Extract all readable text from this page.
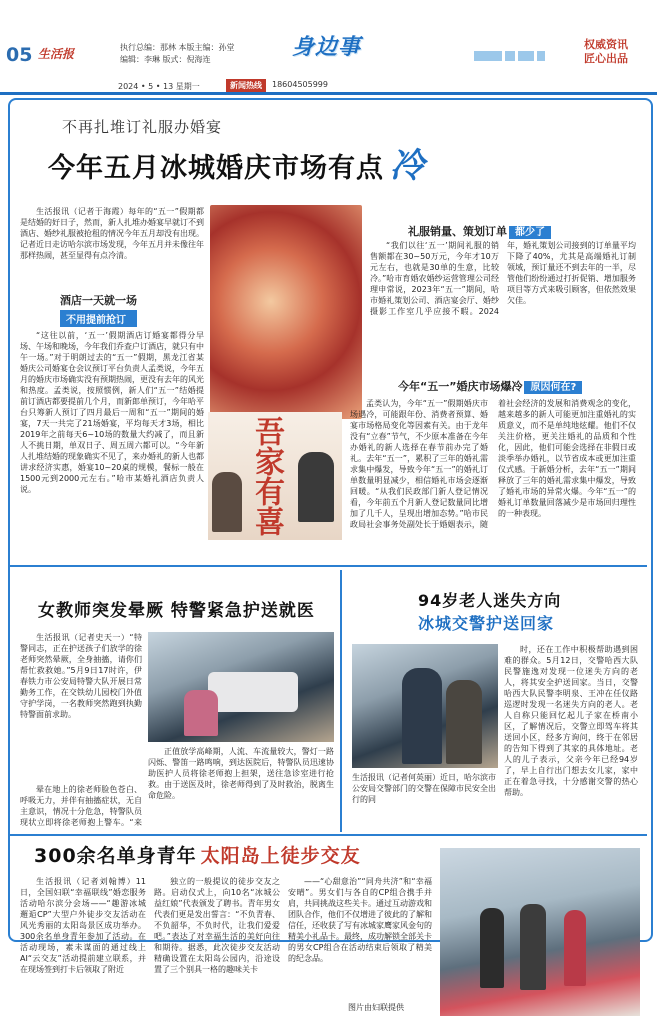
05 生活报	执行总编：那林 本版主编：孙堂
编辑：李琳 版式：倪海连	身边事	权威资讯
匠心出品
2024 • 5 • 13 星期一	新闻热线	18604505999
不再扎堆订礼服办婚宴
今年五月冰城婚庆市场有点 冷
生活报讯（记者于海霞）每年的“五一”假期都是结婚的好日子，然而，新人扎堆办婚宴早就订不到酒店、婚纱礼服被抢租的情况今年五月却没有出现。记者近日走访哈尔滨市场发现，今年五月并未像往年那样热闹，甚至显得有点冷清。
酒店一天就一场
不用提前抢订
“这往以前，‘五一’假期酒店订婚宴都得分早场、午场和晚场，今年我们乔查户订酒店，就只有中午一场。”对于明朗过去的“五一”假期，黑龙江省某婚庆公司婚宴仓会议预订平台负责人孟类说，今年五月的婚庆市场确实没有预期热闹，更没有去年的风光和热度。孟类说，按照惯例，新人们“五一”结婚提前订酒店都要提前几个月，而新郎单预订，今年哈平台只筹新人预订了四月最后一周和“五一”期间的婚宴，7天一共完了21场婚宴，平均每天才3场，相比2019年之前每天6~10场的数量大约减了，而且新人不挑日期，单双日子、周五周六都可以。“今年新人扎堆结婚的现象确实不见了，来办婚礼的新人也都讲求经济实惠，婚宴10~20桌的规模，餐标一般在1500元到2000元左右。”哈市某婚礼酒店负责人说。	吾家有喜
礼服销量、策划订单 都少了
“我们以往‘五一’期间礼服的销售额都在30~50万元，今年才10万元左右，也就是30单的生意，比较冷。”哈市育婚农婚纱运营管理公司经理申常说，2023年“五一”期间，哈市婚礼策划公司、酒店宴会厅、婚纱摄影工作室几乎应接不暇。2024年，婚礼策划公司接到的订单量平均下降了40%，尤其是高端婚礼订制领域，预订量还不到去年的一半，尽管他们纷纷通过打折促销、增加服务项目等方式来吸引顾客，但依然效果欠佳。
今年“五一”婚庆市场爆冷 原因何在?
孟类认为，今年“五一”假期婚庆市场遇冷，可能跟年份、消费者预算、婚宴市场格局变化等因素有关。由于龙年没有“立春”节气，不少原本准备在今年办婚礼的新人选择在春节前办完了婚礼。去年“五一”，累积了三年的婚礼需求集中爆发，导致今年“五一”的婚礼订单数量明显减少，相信婚礼市场会逐渐回暖。“从我们民政部门新人登记情况看，今年前五个月新人登记数量同比增加了几千人，呈现出增加态势。”哈市民政局社会事务处副处长于婚姻表示，随着社会经济的发展和消费观念的变化，越来越多的新人可能更加注重婚礼的实质意义，而不是单纯地炫耀。他们不仅关注价格，更关注婚礼的品质和个性化，因此，他们可能会选择在非假日或淡季举办婚礼，以节省成本或更加注重仪式感。于新婚分析，去年“五一”期间释放了三年的婚礼需求集中爆发，导致了婚礼市场的异常火爆。今年“五一”的婚礼订单数量回落减少是市场回归理性的一种表现。
女教师突发晕厥 特警紧急护送就医
生活报讯（记者史天一）“特警同志，正在护送孩子们放学的徐老师突然晕厥，全身抽搐，请你们帮忙救救她。”5月9日17时许，伊春铁力市公安局特警大队开展日常勤务工作，在交铁幼儿园校门外值守护学岗，一名教师突然跑到执勤特警面前求助。
晕在地上的徐老师脸色苍白、呼吸无力，并伴有抽搐症状，无自主意识，情况十分危急，特警队员现状立即将徐老师抱上警车。“来
正值放学高峰期，人流、车流量较大，警灯一路闪烁、警笛一路鸣响，到达医院后，特警队员迅速协助医护人员将徐老师抱上担架，送往急诊室进行抢救。由于送医及时，徐老师得到了及时救治，脱离生命危险。
94岁老人迷失方向
冰城交警护送回家
时，还在工作中积极帮助遇到困难的群众。5月12日，交警哈西大队民警施逸对发现一位迷失方向的老人，将其安全护送回家。当日，交警哈西大队民警李明泉、王冲在任仪路巡逻时发现一名迷失方向的老人。老人自称只能回忆起儿子家在桥南小区，了解情况后，交警立即驾车将其送回小区，经多方询问，终于在邻居的告知下得到了其家的具体地址。老人的儿子表示，父亲今年已经94岁了，早上自行出门想去女儿家，家中正在着急寻找，十分感谢交警的热心帮助。
生活报讯（记者何英丽）近日，哈尔滨市公安局交警部门的交警在保障市民安全出行的同
300余名单身青年 太阳岛上徒步交友
生活报讯（记者刘翰博）11日，全国妇联“幸福联线”婚恋服务活动哈尔滨分会场——“趣游冰城 邂逅CP”大型户外徒步交友活动在风光秀丽的太阳岛景区成功举办。300余名单身青年参加了活动。在活动现场，素未谋面的通过线上AI“云交友”活动提前建立联系，并在现场签到打卡后领取了附近
独立的一般提议的徒步交友之路。启动仪式上，向10名“冰城公益红娘”代表颁发了聘书。青年男女代表们更是发出誓言：“不负青春、不负韶华，不负时代，让我们爱爱吧。”表达了对幸福生活的美好向往和期待。据悉，此次徒步交友活动精确设置在太阳岛公园内，沿途设置了三个别具一格的趣味关卡
——“心甜意治”“同舟共济”和“幸福安晴”。男女们与各自的CP组合携手并肩，共同挑战这些关卡。通过互动游戏和团队合作，他们不仅增进了彼此的了解和信任，还收获了写有冰城家鹰家风金句的精美小礼品卡。最终，成功解锁全部关卡的男女CP组合在活动结束后领取了精美的纪念品。
图片由妇联提供
